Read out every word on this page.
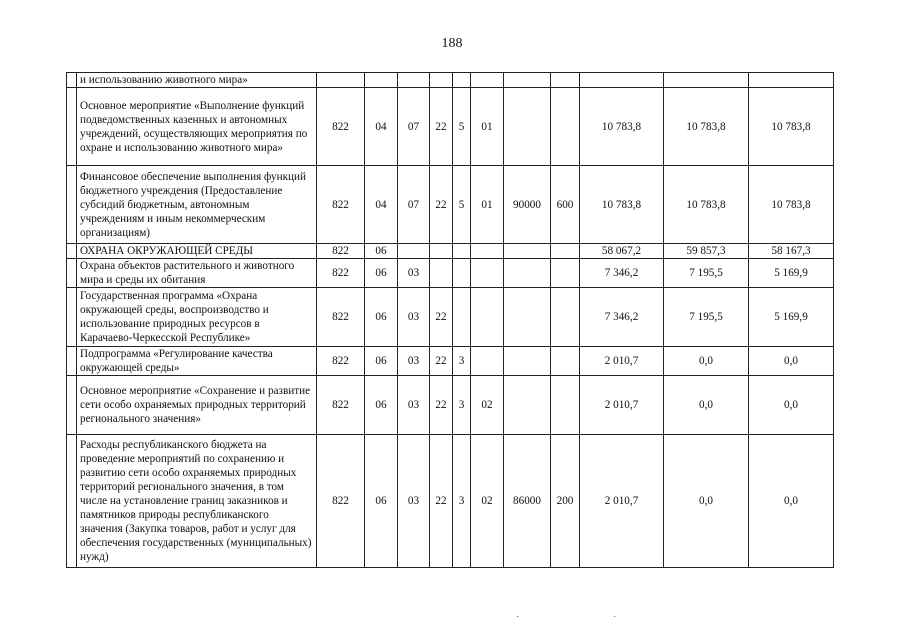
188
	и использованию животного мира»											
	Основное мероприятие «Выполнение функций подведомственных казенных и автономных учреждений, осуществляющих мероприятия по охране и использованию животного мира»	822	04	07	22	5	01			10 783,8	10 783,8	10 783,8
	Финансовое обеспечение выполнения функций бюджетного учреждения (Предоставление субсидий бюджетным, автономным учреждениям и иным некоммерческим организациям)	822	04	07	22	5	01	90000	600	10 783,8	10 783,8	10 783,8
	ОХРАНА ОКРУЖАЮЩЕЙ СРЕДЫ	822	06							58 067,2	59 857,3	58 167,3
	Охрана объектов растительного и животного мира и среды их обитания	822	06	03						7 346,2	7 195,5	5 169,9
	Государственная программа «Охрана окружающей среды, воспроизводство и использование природных ресурсов в Карачаево-Черкесской Республике»	822	06	03	22					7 346,2	7 195,5	5 169,9
	Подпрограмма «Регулирование качества окружающей среды»	822	06	03	22	3				2 010,7	0,0	0,0
	Основное мероприятие «Сохранение и развитие сети особо охраняемых природных территорий регионального значения»	822	06	03	22	3	02			2 010,7	0,0	0,0
	Расходы республиканского бюджета на проведение мероприятий по сохранению и развитию сети особо охраняемых природных территорий регионального значения, в том числе на установление границ заказников и памятников природы республиканского значения (Закупка товаров, работ и услуг для обеспечения государственных (муниципальных) нужд)	822	06	03	22	3	02	86000	200	2 010,7	0,0	0,0
·	·
